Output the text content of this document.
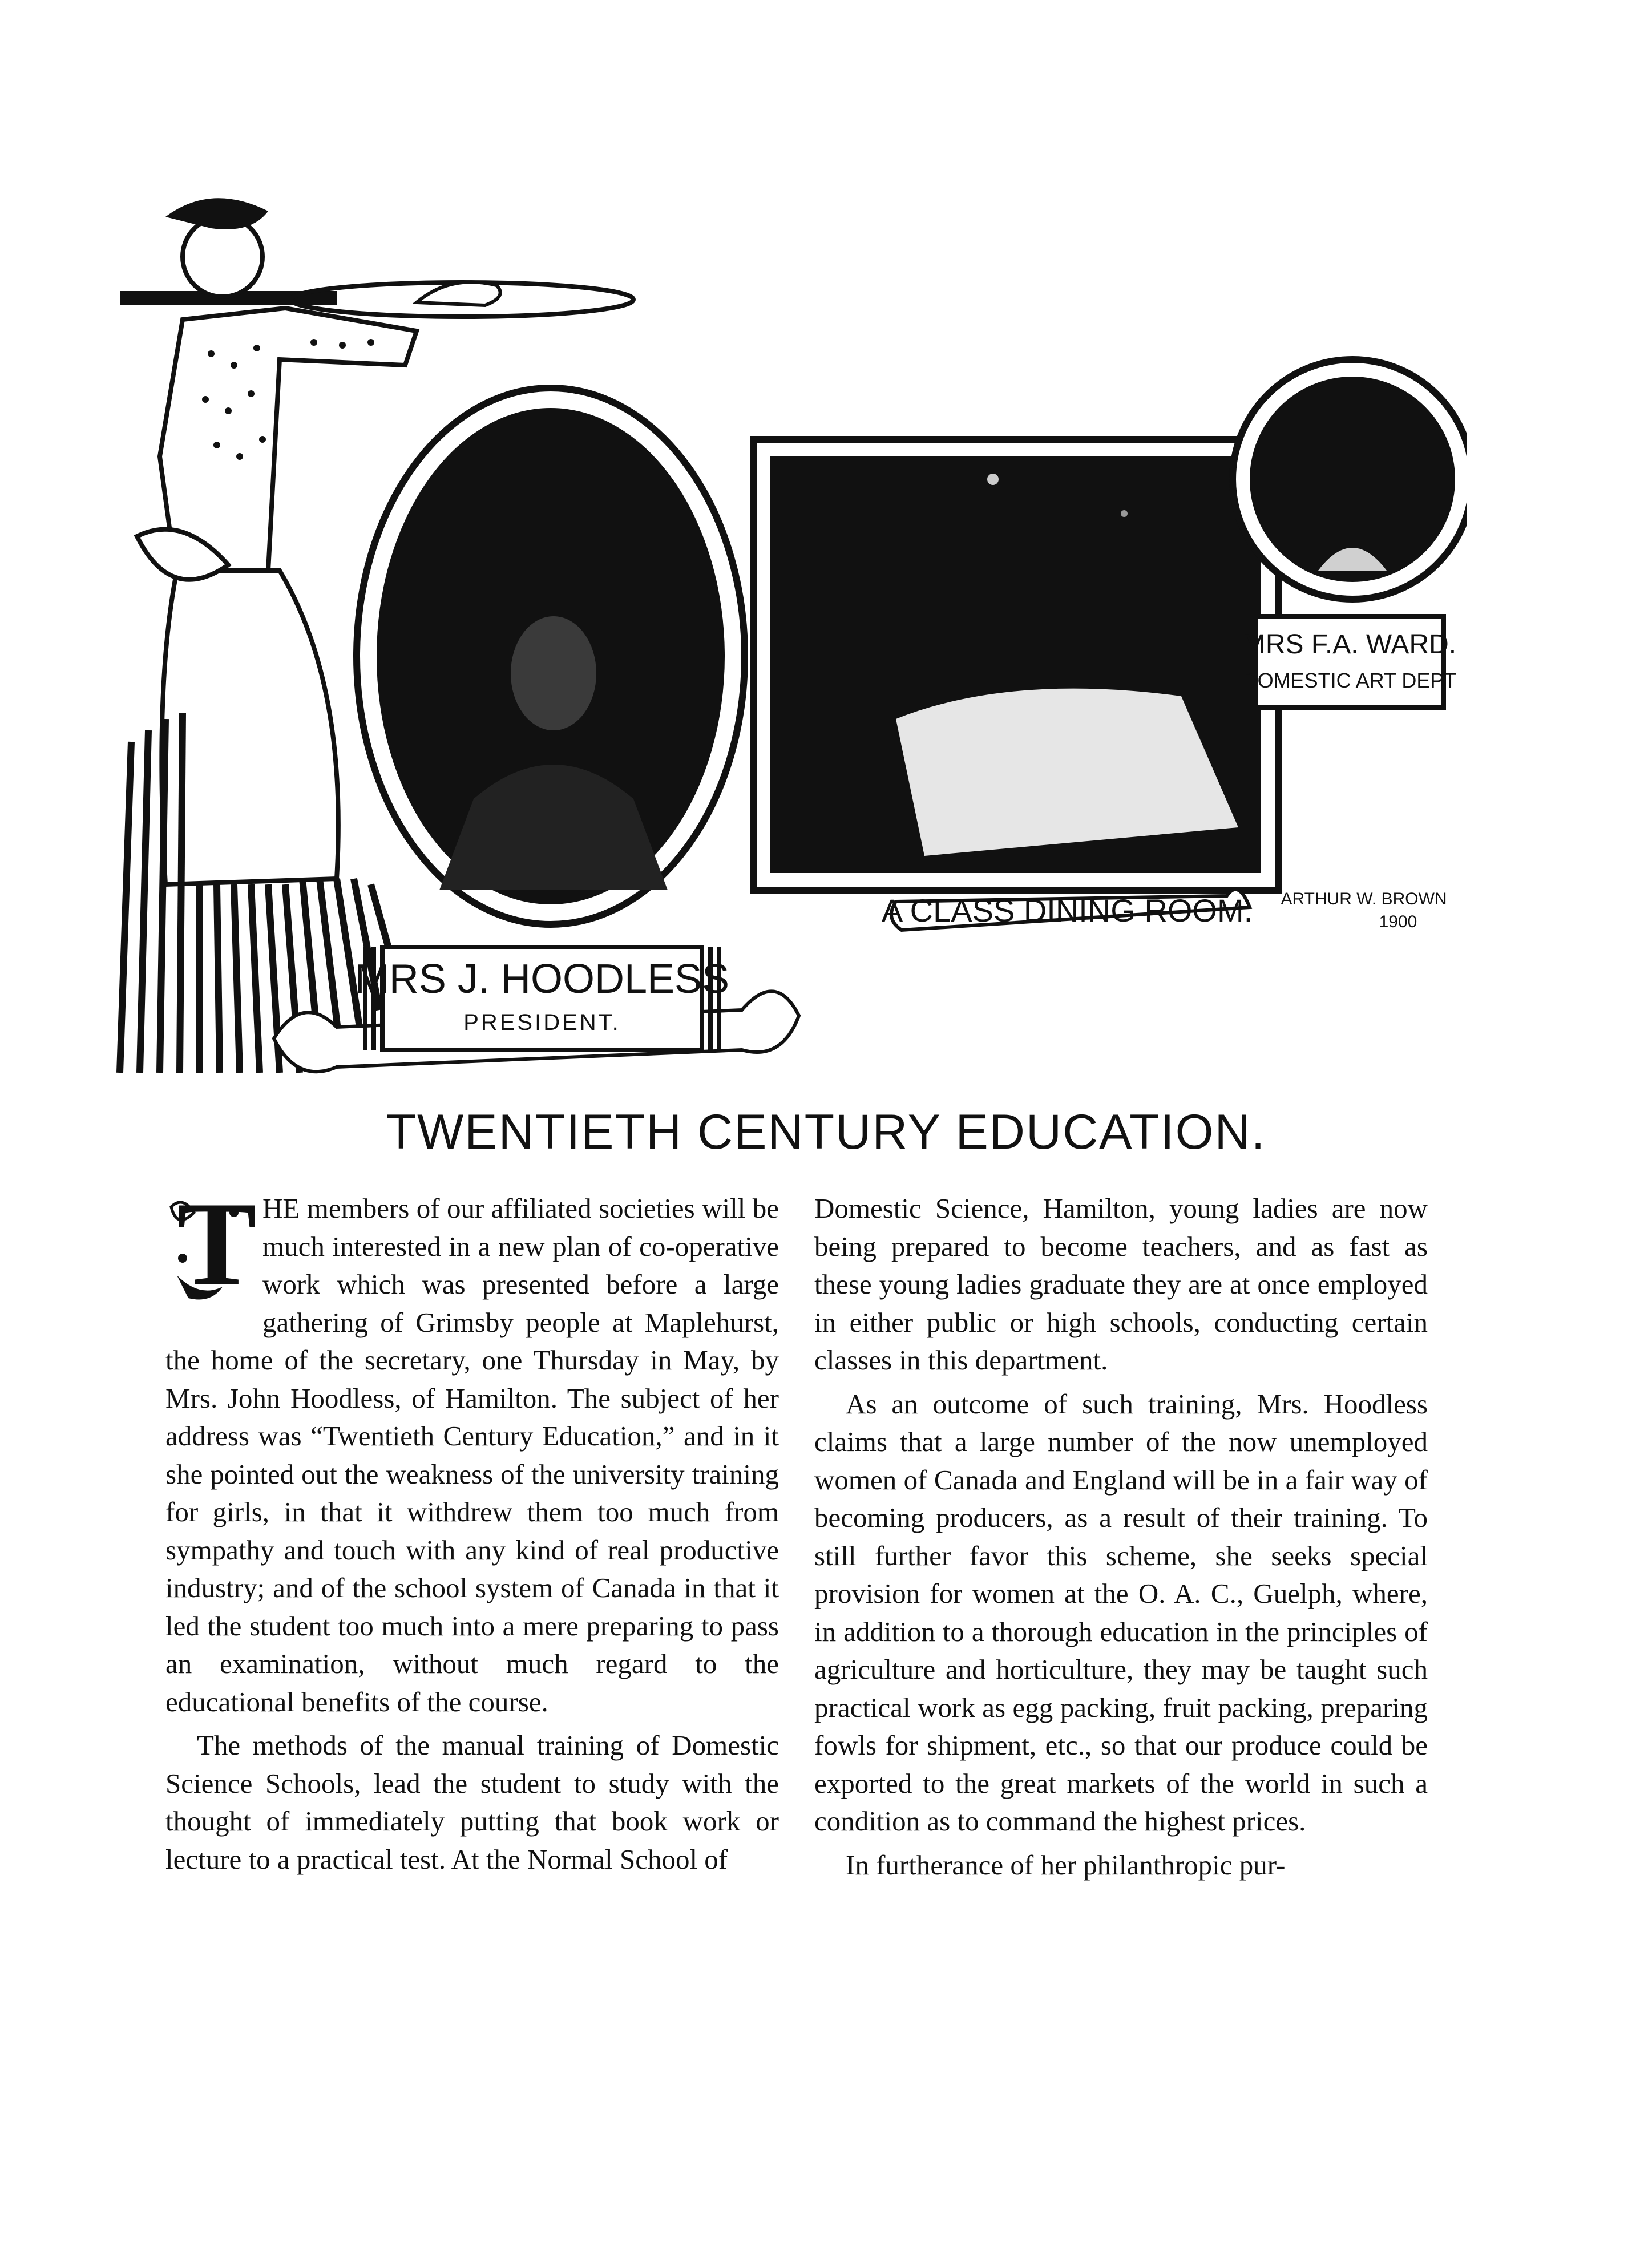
MRS J. HOODLESS
PRESIDENT.
A CLASS DINING ROOM. ARTHUR W. BROWN
1900
MRS F.A. WARD.
DOMESTIC ART DEPT
TWENTIETH CENTURY EDUCATION.
T HE members of our affiliated societies will be much interested in a new plan of co-operative work which was presented before a large gathering of Grimsby people at Maplehurst, the home of the secretary, one Thursday in May, by Mrs. John Hoodless, of Hamilton. The subject of her address was “Twentieth Century Education,” and in it she pointed out the weakness of the university training for girls, in that it withdrew them too much from sympathy and touch with any kind of real productive industry; and of the school system of Canada in that it led the student too much into a mere preparing to pass an examination, without much regard to the educational benefits of the course.

The methods of the manual training of Domestic Science Schools, lead the student to study with the thought of immediately putting that book work or lecture to a practical test. At the Normal School of

Domestic Science, Hamilton, young ladies are now being prepared to become teachers, and as fast as these young ladies graduate they are at once employed in either public or high schools, conducting certain classes in this department.

As an outcome of such training, Mrs. Hoodless claims that a large number of the now unemployed women of Canada and England will be in a fair way of becoming producers, as a result of their training. To still further favor this scheme, she seeks special provision for women at the O. A. C., Guelph, where, in addition to a thorough education in the principles of agriculture and horticulture, they may be taught such practical work as egg packing, fruit packing, preparing fowls for shipment, etc., so that our produce could be exported to the great markets of the world in such a condition as to command the highest prices.

In furtherance of her philanthropic pur-
